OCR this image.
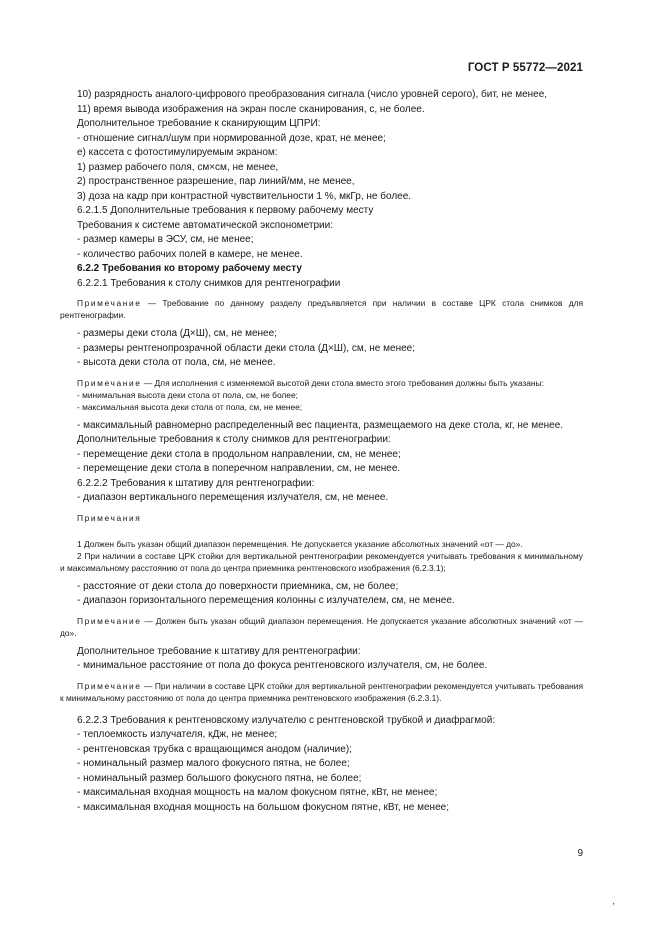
ГОСТ Р 55772—2021

10) разрядность аналого-цифрового преобразования сигнала (число уровней серого), бит, не менее,

11) время вывода изображения на экран после сканирования, с, не более.

Дополнительное требование к сканирующим ЦПРИ:

- отношение сигнал/шум при нормированной дозе, крат, не менее;

е) кассета с фотостимулируемым экраном:

1) размер рабочего поля, см×см, не менее,

2) пространственное разрешение, пар линий/мм, не менее,

3) доза на кадр при контрастной чувствительности 1 %, мкГр, не более.

6.2.1.5 Дополнительные требования к первому рабочему месту

Требования к системе автоматической экспонометрии:

- размер камеры в ЭСУ, см, не менее;

- количество рабочих полей в камере, не менее.

6.2.2 Требования ко второму рабочему месту

6.2.2.1 Требования к столу снимков для рентгенографии

Примечание — Требование по данному разделу предъявляется при наличии в составе ЦРК стола снимков для рентгенографии.

- размеры деки стола (Д×Ш), см, не менее;

- размеры рентгенопрозрачной области деки стола (Д×Ш), см, не менее;

- высота деки стола от пола, см, не менее.

Примечание — Для исполнения с изменяемой высотой деки стола вместо этого требования должны быть указаны:

- минимальная высота деки стола от пола, см, не более;

- максимальная высота деки стола от пола, см, не менее;

- максимальный равномерно распределенный вес пациента, размещаемого на деке стола, кг, не менее.

Дополнительные требования к столу снимков для рентгенографии:

- перемещение деки стола в продольном направлении, см, не менее;

- перемещение деки стола в поперечном направлении, см, не менее.

6.2.2.2 Требования к штативу для рентгенографии:

- диапазон вертикального перемещения излучателя, см, не менее.

Примечания

1 Должен быть указан общий диапазон перемещения. Не допускается указание абсолютных значений «от — до».

2 При наличии в составе ЦРК стойки для вертикальной рентгенографии рекомендуется учитывать требования к минимальному и максимальному расстоянию от пола до центра приемника рентгеновского изображения (6.2.3.1);

- расстояние от деки стола до поверхности приемника, см, не более;

- диапазон горизонтального перемещения колонны с излучателем, см, не менее.

Примечание — Должен быть указан общий диапазон перемещения. Не допускается указание абсолютных значений «от — до».

Дополнительное требование к штативу для рентгенографии:

- минимальное расстояние от пола до фокуса рентгеновского излучателя, см, не более.

Примечание — При наличии в составе ЦРК стойки для вертикальной рентгенографии рекомендуется учитывать требования к минимальному расстоянию от пола до центра приемника рентгеновского изображения (6.2.3.1).

6.2.2.3 Требования к рентгеновскому излучателю с рентгеновской трубкой и диафрагмой:

- теплоемкость излучателя, кДж, не менее;

- рентгеновская трубка с вращающимся анодом (наличие);

- номинальный размер малого фокусного пятна, не более;

- номинальный размер большого фокусного пятна, не более;

- максимальная входная мощность на малом фокусном пятне, кВт, не менее;

- максимальная входная мощность на большом фокусном пятне, кВт, не менее;

9
,
